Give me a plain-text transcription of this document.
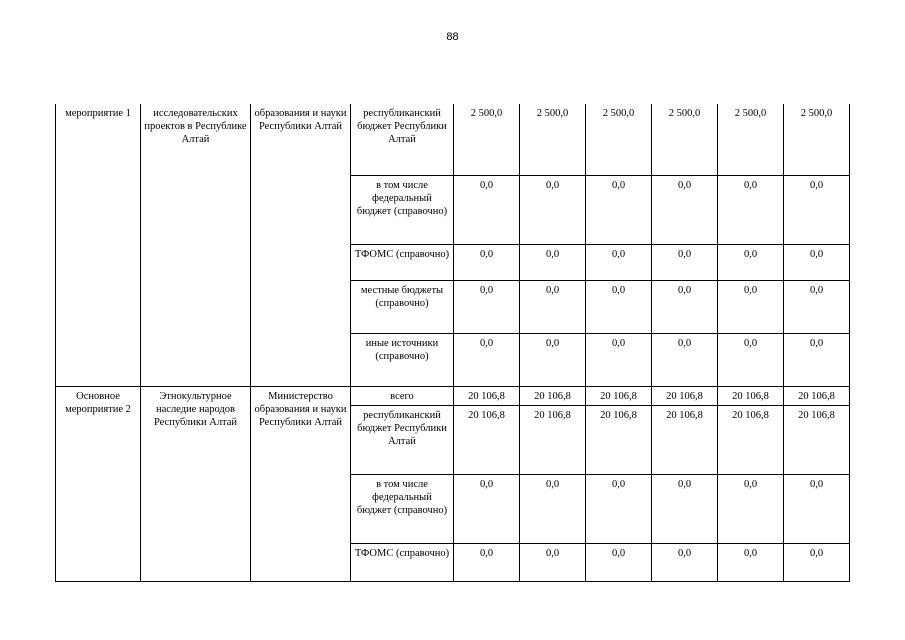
88
мероприятие 1	исследовательских проектов в Республике Алтай	образования и науки Республики Алтай	республиканский бюджет Республики Алтай	2 500,0	2 500,0	2 500,0	2 500,0	2 500,0	2 500,0
			в том числе федеральный бюджет (справочно)	0,0	0,0	0,0	0,0	0,0	0,0
			ТФОМС (справочно)	0,0	0,0	0,0	0,0	0,0	0,0
			местные бюджеты (справочно)	0,0	0,0	0,0	0,0	0,0	0,0
			иные источники (справочно)	0,0	0,0	0,0	0,0	0,0	0,0
Основное мероприятие 2	Этнокультурное наследие народов Республики Алтай	Министерство образования и науки Республики Алтай	всего	20 106,8	20 106,8	20 106,8	20 106,8	20 106,8	20 106,8
			республиканский бюджет Республики Алтай	20 106,8	20 106,8	20 106,8	20 106,8	20 106,8	20 106,8
			в том числе федеральный бюджет (справочно)	0,0	0,0	0,0	0,0	0,0	0,0
			ТФОМС (справочно)	0,0	0,0	0,0	0,0	0,0	0,0
